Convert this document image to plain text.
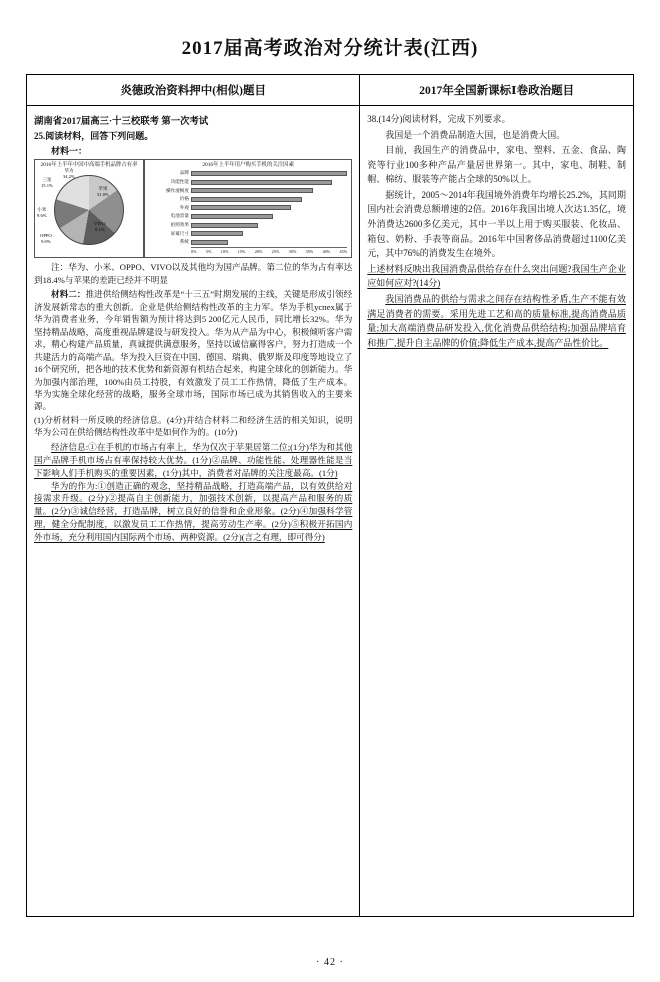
2017届高考政治对分统计表(江西)
炎德政治资料押中(相似)题目	2017年全国新课标Ⅰ卷政治题目
湖南省2017届高三·十三校联考 第一次考试
25.阅读材料，回答下列问题。
材料一：
2016年上半年中国中高端手机品牌占有率
华为
34.2%
苹果
31.0%
VIVO
9.1%
OPPO
9.0%
小米
9.6%
三星
15.1%
2016年上半年用户购买手机的关注因素
品牌
功能性能
操作流畅度
价格
外观
电池容量
拍照效果
屏幕尺寸
系统
0% 5% 10% 15% 20% 25% 30% 35% 40% 45%
注：华为、小米、OPPO、VIVO以及其他均为国产品牌。第二位的华为占有率达到18.4%与苹果的差距已经并不明显
材料二：推进供给侧结构性改革是“十三五”时期发展的主线，关键是形成引领经济发展新常态的重大创新。企业是供给侧结构性改革的主力军。华为手机успех属于华为消费者业务，今年销售额为预计将达到5 200亿元人民币，同比增长32%。华为坚持精品战略，高度重视品牌建设与研发投入。华为从产品为中心，积极倾听客户需求，精心构建产品质量，真诚提供满意服务，坚持以诚信赢得客户，努力打造成一个共建活力的高端产品。华为投入巨资在中国、德国、瑞典、俄罗斯及印度等地设立了16个研究所，把各地的技术优势和新资源有机结合起来，构建全球化的创新能力。华为加强内部治理，100%由员工持股，有效激发了员工工作热情，降低了生产成本。华为实施全球化经营的战略，服务全球市场，国际市场已成为其销售收入的主要来源。
(1)分析材料一所反映的经济信息。(4分)并结合材料二和经济生活的相关知识，说明华为公司在供给侧结构性改革中是如何作为的。(10分)
经济信息:①在手机的市场占有率上，华为仅次于苹果居第二位;(1分)华为和其他国产品牌手机市场占有率保持较大优势。(1分)②品牌、功能性能、处理器性能是当下影响人们手机购买的重要因素，(1分)其中，消费者对品牌的关注度最高。(1分)
华为的作为:①创造正确的观念，坚持精品战略，打造高端产品，以有效供给对接需求升级。(2分)②提高自主创新能力，加强技术创新，以提高产品和服务的质量。(2分)③诚信经营，打造品牌，树立良好的信誉和企业形象。(2分)④加强科学管理，健全分配制度，以激发员工工作热情，提高劳动生产率。(2分)⑤积极开拓国内外市场，充分利用国内国际两个市场、两种资源。(2分)(言之有理，即可得分)
38.(14分)阅读材料，完成下列要求。
我国是一个消费品制造大国，也是消费大国。
目前，我国生产的消费品中，家电、塑料、五金、食品、陶瓷等行业100多种产品产量居世界第一。其中，家电、制鞋、制帽、棉纺、服装等产能占全球的50%以上。
据统计，2005～2014年我国境外消费年均增长25.2%，其同期国内社会消费总额增速的2倍。2016年我国出境人次达1.35亿，境外消费达2600多亿美元，其中一半以上用于购买服装、化妆品、箱包、奶粉、手表等商品。2016年中国奢侈品消费超过1100亿美元，其中76%的消费发生在境外。
上述材料反映出我国消费品供给存在什么突出问题?我国生产企业应如何应对?(14分)
我国消费品的供给与需求之间存在结构性矛盾,生产不能有效满足消费者的需要。采用先进工艺和高的质量标准,提高消费品质量;加大高端消费品研发投入,优化消费品供给结构;加强品牌培育和推广,提升自主品牌的价值;降低生产成本,提高产品性价比。
· 42 ·
